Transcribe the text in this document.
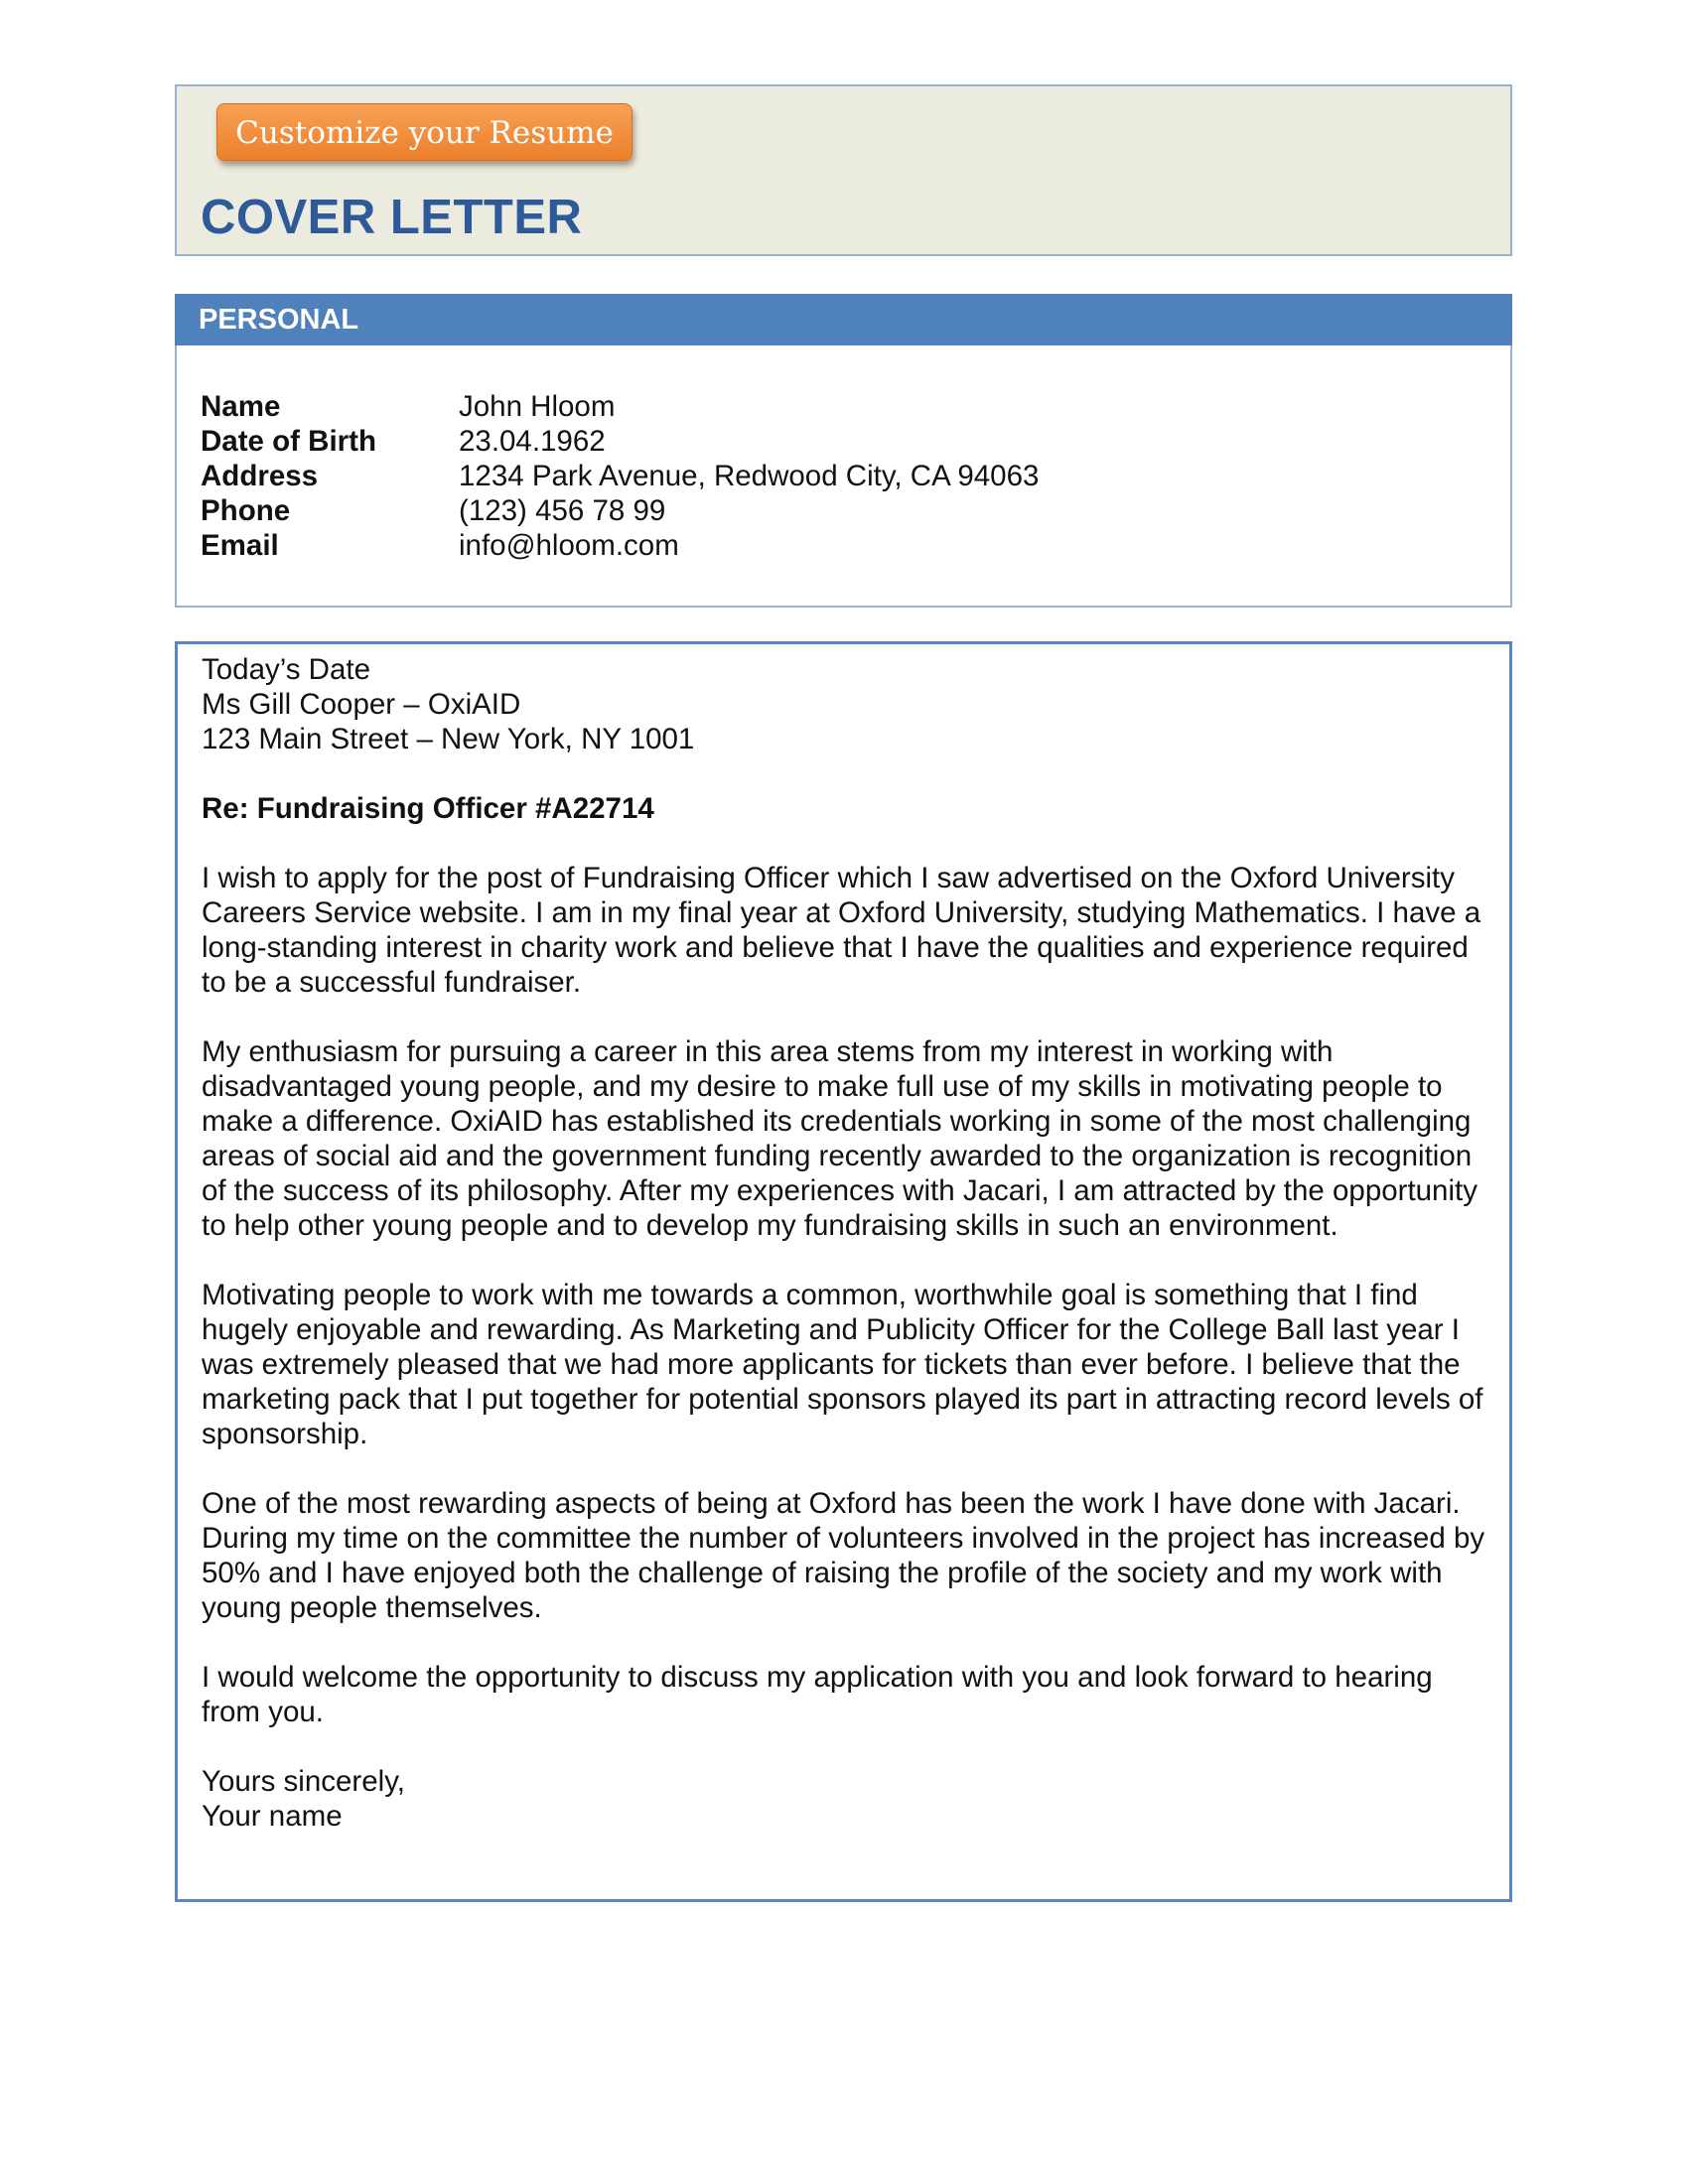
Customize your Resume
COVER LETTER
PERSONAL
Name	John Hloom
Date of Birth	23.04.1962
Address	1234 Park Avenue, Redwood City, CA 94063
Phone	(123) 456 78 99
Email	info@hloom.com

Today’s Date

Ms Gill Cooper – OxiAID

123 Main Street – New York, NY 1001

Re: Fundraising Officer #A22714

I wish to apply for the post of Fundraising Officer which I saw advertised on the Oxford University Careers Service website. I am in my final year at Oxford University, studying Mathematics. I have a long-standing interest in charity work and believe that I have the qualities and experience required to be a successful fundraiser.

My enthusiasm for pursuing a career in this area stems from my interest in working with disadvantaged young people, and my desire to make full use of my skills in motivating people to make a difference. OxiAID has established its credentials working in some of the most challenging areas of social aid and the government funding recently awarded to the organization is recognition of the success of its philosophy. After my experiences with Jacari, I am attracted by the opportunity to help other young people and to develop my fundraising skills in such an environment.

Motivating people to work with me towards a common, worthwhile goal is something that I find hugely enjoyable and rewarding. As Marketing and Publicity Officer for the College Ball last year I was extremely pleased that we had more applicants for tickets than ever before. I believe that the marketing pack that I put together for potential sponsors played its part in attracting record levels of sponsorship.

One of the most rewarding aspects of being at Oxford has been the work I have done with Jacari. During my time on the committee the number of volunteers involved in the project has increased by 50% and I have enjoyed both the challenge of raising the profile of the society and my work with young people themselves.

I would welcome the opportunity to discuss my application with you and look forward to hearing from you.

Yours sincerely,

Your name
